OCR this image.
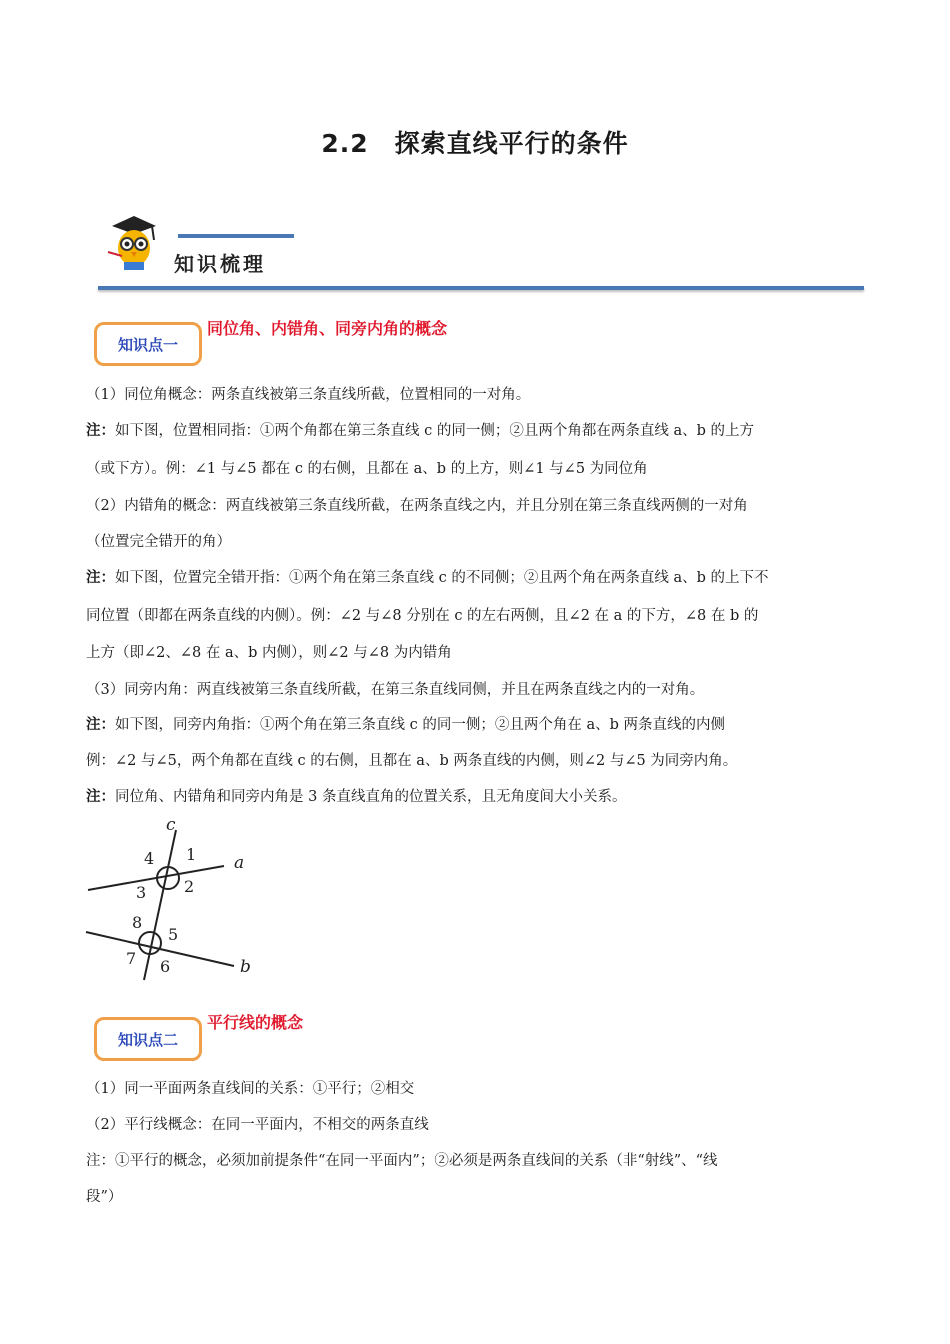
2.2 探索直线平行的条件
知识梳理
知识点一
同位角、内错角、同旁内角的概念
（1）同位角概念：两条直线被第三条直线所截，位置相同的一对角。
注：如下图，位置相同指：①两个角都在第三条直线 c 的同一侧；②且两个角都在两条直线 a、b 的上方
（或下方）。例：∠1 与∠5 都在 c 的右侧，且都在 a、b 的上方，则∠1 与∠5 为同位角
（2）内错角的概念：两直线被第三条直线所截，在两条直线之内，并且分别在第三条直线两侧的一对角
（位置完全错开的角）
注：如下图，位置完全错开指：①两个角在第三条直线 c 的不同侧；②且两个角在两条直线 a、b 的上下不
同位置（即都在两条直线的内侧）。例：∠2 与∠8 分别在 c 的左右两侧，且∠2 在 a 的下方，∠8 在 b 的
上方（即∠2、∠8 在 a、b 内侧），则∠2 与∠8 为内错角
（3）同旁内角：两直线被第三条直线所截，在第三条直线同侧，并且在两条直线之内的一对角。
注：如下图，同旁内角指：①两个角在第三条直线 c 的同一侧；②且两个角在 a、b 两条直线的内侧
例：∠2 与∠5，两个角都在直线 c 的右侧，且都在 a、b 两条直线的内侧，则∠2 与∠5 为同旁内角。
注：同位角、内错角和同旁内角是 3 条直线直角的位置关系，且无角度间大小关系。
c
a
b
4 1
3 2
8
5
7 6
知识点二
平行线的概念
（1）同一平面两条直线间的关系：①平行；②相交
（2）平行线概念：在同一平面内，不相交的两条直线
注：①平行的概念，必须加前提条件“在同一平面内”；②必须是两条直线间的关系（非“射线”、“线
段”）
